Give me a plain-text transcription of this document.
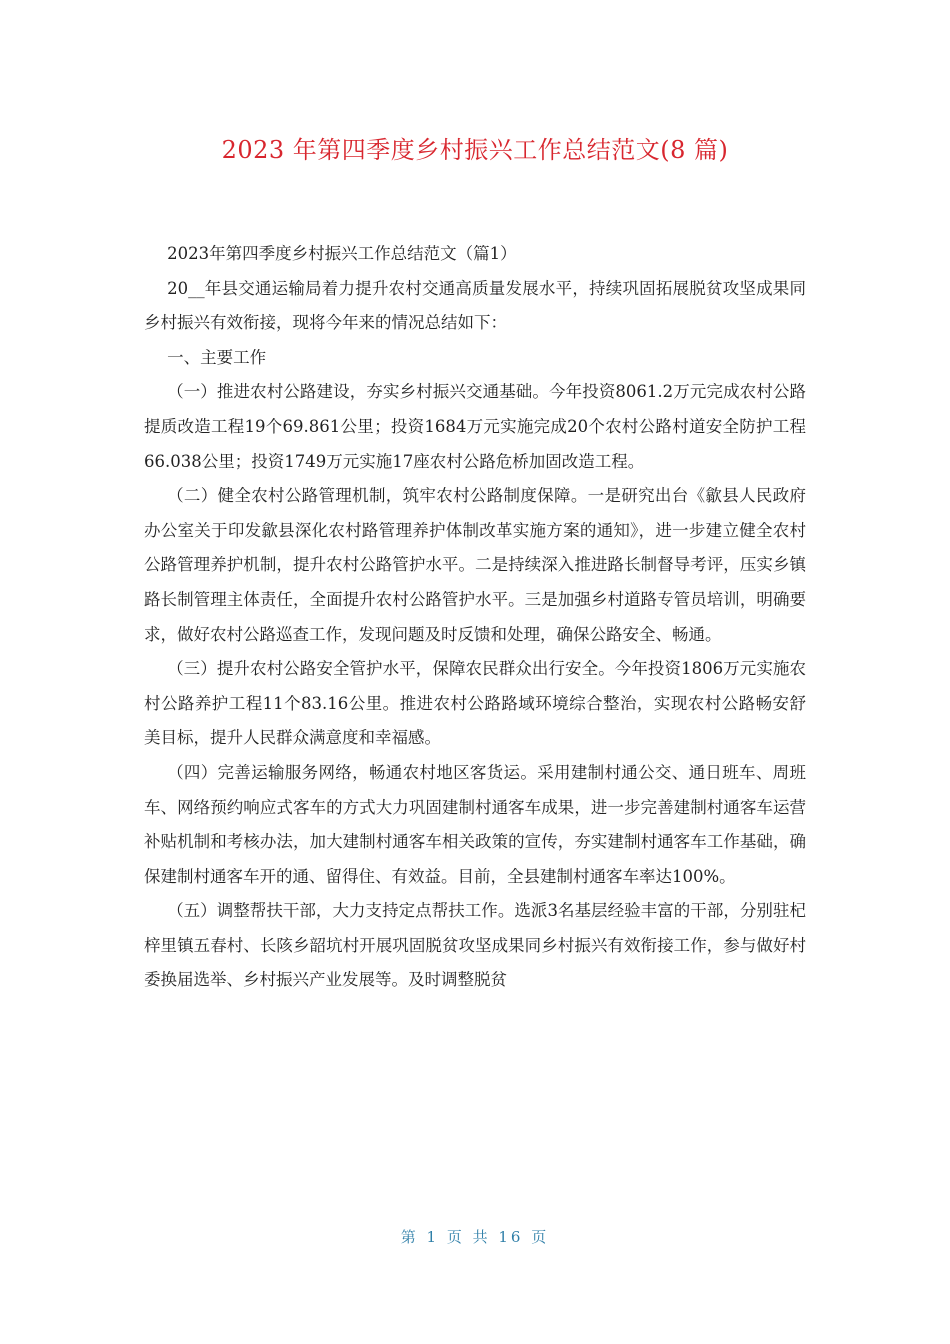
2023 年第四季度乡村振兴工作总结范文(8 篇)

2023年第四季度乡村振兴工作总结范文（篇1）

20__年县交通运输局着力提升农村交通高质量发展水平，持续巩固拓展脱贫攻坚成果同乡村振兴有效衔接，现将今年来的情况总结如下：

一、主要工作

（一）推进农村公路建设，夯实乡村振兴交通基础。今年投资8061.2万元完成农村公路提质改造工程19个69.861公里；投资1684万元实施完成20个农村公路村道安全防护工程66.038公里；投资1749万元实施17座农村公路危桥加固改造工程。

（二）健全农村公路管理机制，筑牢农村公路制度保障。一是研究出台《歙县人民政府办公室关于印发歙县深化农村路管理养护体制改革实施方案的通知》，进一步建立健全农村公路管理养护机制，提升农村公路管护水平。二是持续深入推进路长制督导考评，压实乡镇路长制管理主体责任，全面提升农村公路管护水平。三是加强乡村道路专管员培训，明确要求，做好农村公路巡查工作，发现问题及时反馈和处理，确保公路安全、畅通。

（三）提升农村公路安全管护水平，保障农民群众出行安全。今年投资1806万元实施农村公路养护工程11个83.16公里。推进农村公路路域环境综合整治，实现农村公路畅安舒美目标，提升人民群众满意度和幸福感。

（四）完善运输服务网络，畅通农村地区客货运。采用建制村通公交、通日班车、周班车、网络预约响应式客车的方式大力巩固建制村通客车成果，进一步完善建制村通客车运营补贴机制和考核办法，加大建制村通客车相关政策的宣传，夯实建制村通客车工作基础，确保建制村通客车开的通、留得住、有效益。目前，全县建制村通客车率达100%。

（五）调整帮扶干部，大力支持定点帮扶工作。选派3名基层经验丰富的干部，分别驻杞梓里镇五春村、长陔乡韶坑村开展巩固脱贫攻坚成果同乡村振兴有效衔接工作，参与做好村委换届选举、乡村振兴产业发展等。及时调整脱贫

第 1 页 共 16 页
